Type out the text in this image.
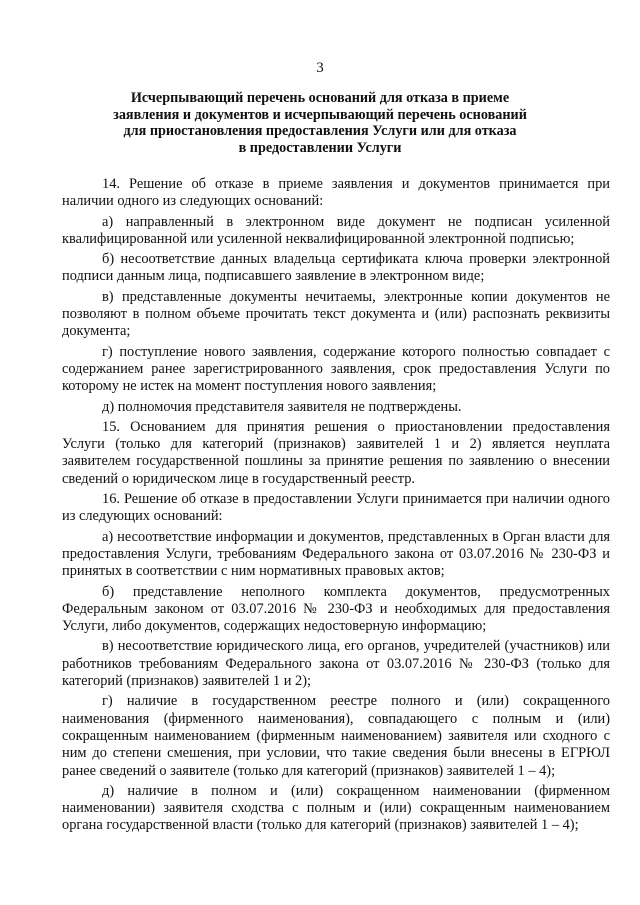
3
Исчерпывающий перечень оснований для отказа в приеме
заявления и документов и исчерпывающий перечень оснований
для приостановления предоставления Услуги или для отказа
в предоставлении Услуги

14. Решение об отказе в приеме заявления и документов принимается при наличии одного из следующих оснований:

а) направленный в электронном виде документ не подписан усиленной квалифицированной или усиленной неквалифицированной электронной подписью;

б) несоответствие данных владельца сертификата ключа проверки электронной подписи данным лица, подписавшего заявление в электронном виде;

в) представленные документы нечитаемы, электронные копии документов не позволяют в полном объеме прочитать текст документа и (или) распознать реквизиты документа;

г) поступление нового заявления, содержание которого полностью совпадает с содержанием ранее зарегистрированного заявления, срок предоставления Услуги по которому не истек на момент поступления нового заявления;

д) полномочия представителя заявителя не подтверждены.

15. Основанием для принятия решения о приостановлении предоставления Услуги (только для категорий (признаков) заявителей 1 и 2) является неуплата заявителем государственной пошлины за принятие решения по заявлению о внесении сведений о юридическом лице в государственный реестр.

16. Решение об отказе в предоставлении Услуги принимается при наличии одного из следующих оснований:

а) несоответствие информации и документов, представленных в Орган власти для предоставления Услуги, требованиям Федерального закона от 03.07.2016 № 230-ФЗ и принятых в соответствии с ним нормативных правовых актов;

б) представление неполного комплекта документов, предусмотренных Федеральным законом от 03.07.2016 № 230-ФЗ и необходимых для предоставления Услуги, либо документов, содержащих недостоверную информацию;

в) несоответствие юридического лица, его органов, учредителей (участников) или работников требованиям Федерального закона от 03.07.2016 № 230-ФЗ (только для категорий (признаков) заявителей 1 и 2);

г) наличие в государственном реестре полного и (или) сокращенного наименования (фирменного наименования), совпадающего с полным и (или) сокращенным наименованием (фирменным наименованием) заявителя или сходного с ним до степени смешения, при условии, что такие сведения были внесены в ЕГРЮЛ ранее сведений о заявителе (только для категорий (признаков) заявителей 1 – 4);

д) наличие в полном и (или) сокращенном наименовании (фирменном наименовании) заявителя сходства с полным и (или) сокращенным наименованием органа государственной власти (только для категорий (признаков) заявителей 1 – 4);
